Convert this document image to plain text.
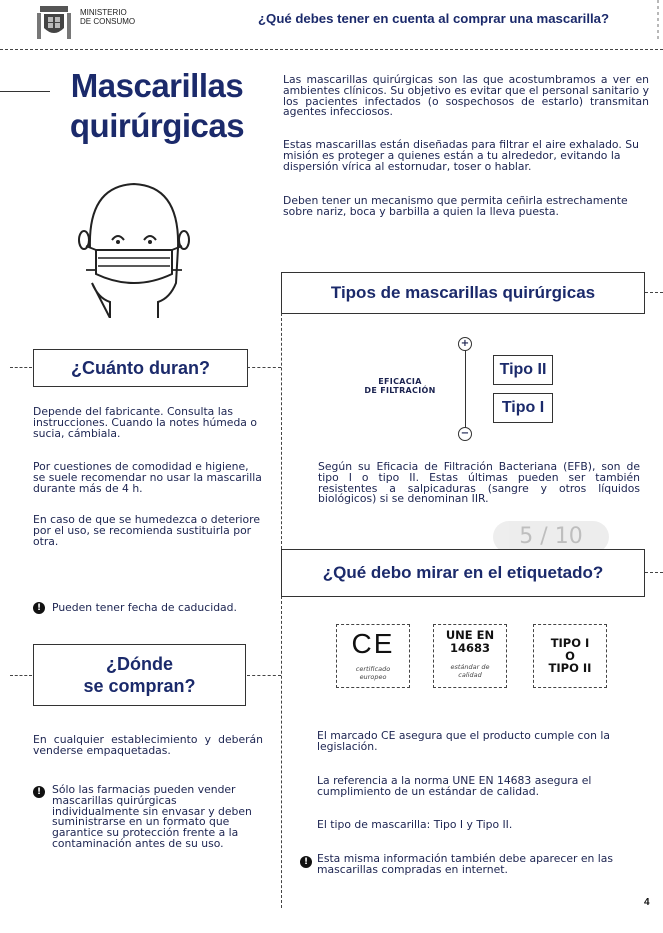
MINISTERIO
DE CONSUMO	¿Qué debes tener en cuenta al comprar una mascarilla?
Mascarillas
quirúrgicas
Las mascarillas quirúrgicas son las que acostumbramos a ver en ambientes clínicos. Su objetivo es evitar que el personal sanitario y los pacientes infectados (o sospechosos de estarlo) transmitan agentes infecciosos.
Estas mascarillas están diseñadas para filtrar el aire exhalado. Su misión es proteger a quienes están a tu alrededor, evitando la dispersión vírica al estornudar, toser o hablar.
Deben tener un mecanismo que permita ceñirla estrechamente sobre nariz, boca y barbilla a quien la lleva puesta.
Tipos de mascarillas quirúrgicas
¿Cuánto duran?
Depende del fabricante. Consulta las instrucciones. Cuando la notes húmeda o sucia, cámbiala.
Por cuestiones de comodidad e higiene, se suele recomendar no usar la mascarilla durante más de 4 h.
En caso de que se humedezca o deteriore por el uso, se recomienda sustituirla por otra.
!	Pueden tener fecha de caducidad.
EFICACIA
DE FILTRACIÓN
+
−
Tipo II
Tipo I
Según su Eficacia de Filtración Bacteriana (EFB), son de tipo I o tipo II. Estas últimas pueden ser también resistentes a salpicaduras (sangre y otros líquidos biológicos) si se denominan IIR.
5 / 10
¿Qué debo mirar en el etiquetado?
CE
certificado
europeo
UNE EN
14683
estándar de
calidad
TIPO I
O
TIPO II
El marcado CE asegura que el producto cumple con la legislación.
La referencia a la norma UNE EN 14683 asegura el cumplimiento de un estándar de calidad.
El tipo de mascarilla: Tipo I y Tipo II.
! Esta misma información también debe aparecer en las mascarillas compradas en internet.
¿Dónde
se compran?
En cualquier establecimiento y deberán venderse empaquetadas.
!	Sólo las farmacias pueden vender mascarillas quirúrgicas individualmente sin envasar y deben suministrarse en un formato que garantice su protección frente a la contaminación antes de su uso.
4
